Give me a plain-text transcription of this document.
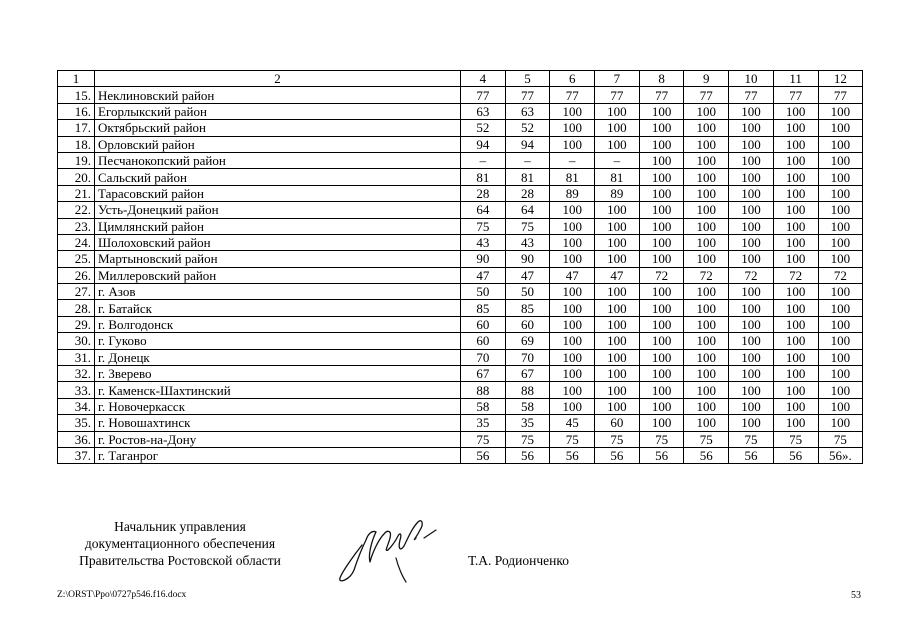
1	2	4	5	6	7	8	9	10	11	12
15.	Неклиновский район	77	77	77	77	77	77	77	77	77
16.	Егорлыкский район	63	63	100	100	100	100	100	100	100
17.	Октябрьский район	52	52	100	100	100	100	100	100	100
18.	Орловский район	94	94	100	100	100	100	100	100	100
19.	Песчанокопский район	–	–	–	–	100	100	100	100	100
20.	Сальский район	81	81	81	81	100	100	100	100	100
21.	Тарасовский район	28	28	89	89	100	100	100	100	100
22.	Усть-Донецкий район	64	64	100	100	100	100	100	100	100
23.	Цимлянский район	75	75	100	100	100	100	100	100	100
24.	Шолоховский район	43	43	100	100	100	100	100	100	100
25.	Мартыновский район	90	90	100	100	100	100	100	100	100
26.	Миллеровский район	47	47	47	47	72	72	72	72	72
27.	г. Азов	50	50	100	100	100	100	100	100	100
28.	г. Батайск	85	85	100	100	100	100	100	100	100
29.	г. Волгодонск	60	60	100	100	100	100	100	100	100
30.	г. Гуково	60	69	100	100	100	100	100	100	100
31.	г. Донецк	70	70	100	100	100	100	100	100	100
32.	г. Зверево	67	67	100	100	100	100	100	100	100
33.	г. Каменск-Шахтинский	88	88	100	100	100	100	100	100	100
34.	г. Новочеркасск	58	58	100	100	100	100	100	100	100
35.	г. Новошахтинск	35	35	45	60	100	100	100	100	100
36.	г. Ростов-на-Дону	75	75	75	75	75	75	75	75	75
37.	г. Таганрог	56	56	56	56	56	56	56	56	56».
Начальник управления
документационного обеспечения
Правительства Ростовской области	Т.А. Родионченко
Z:\ORST\Ppo\0727p546.f16.docx	53
